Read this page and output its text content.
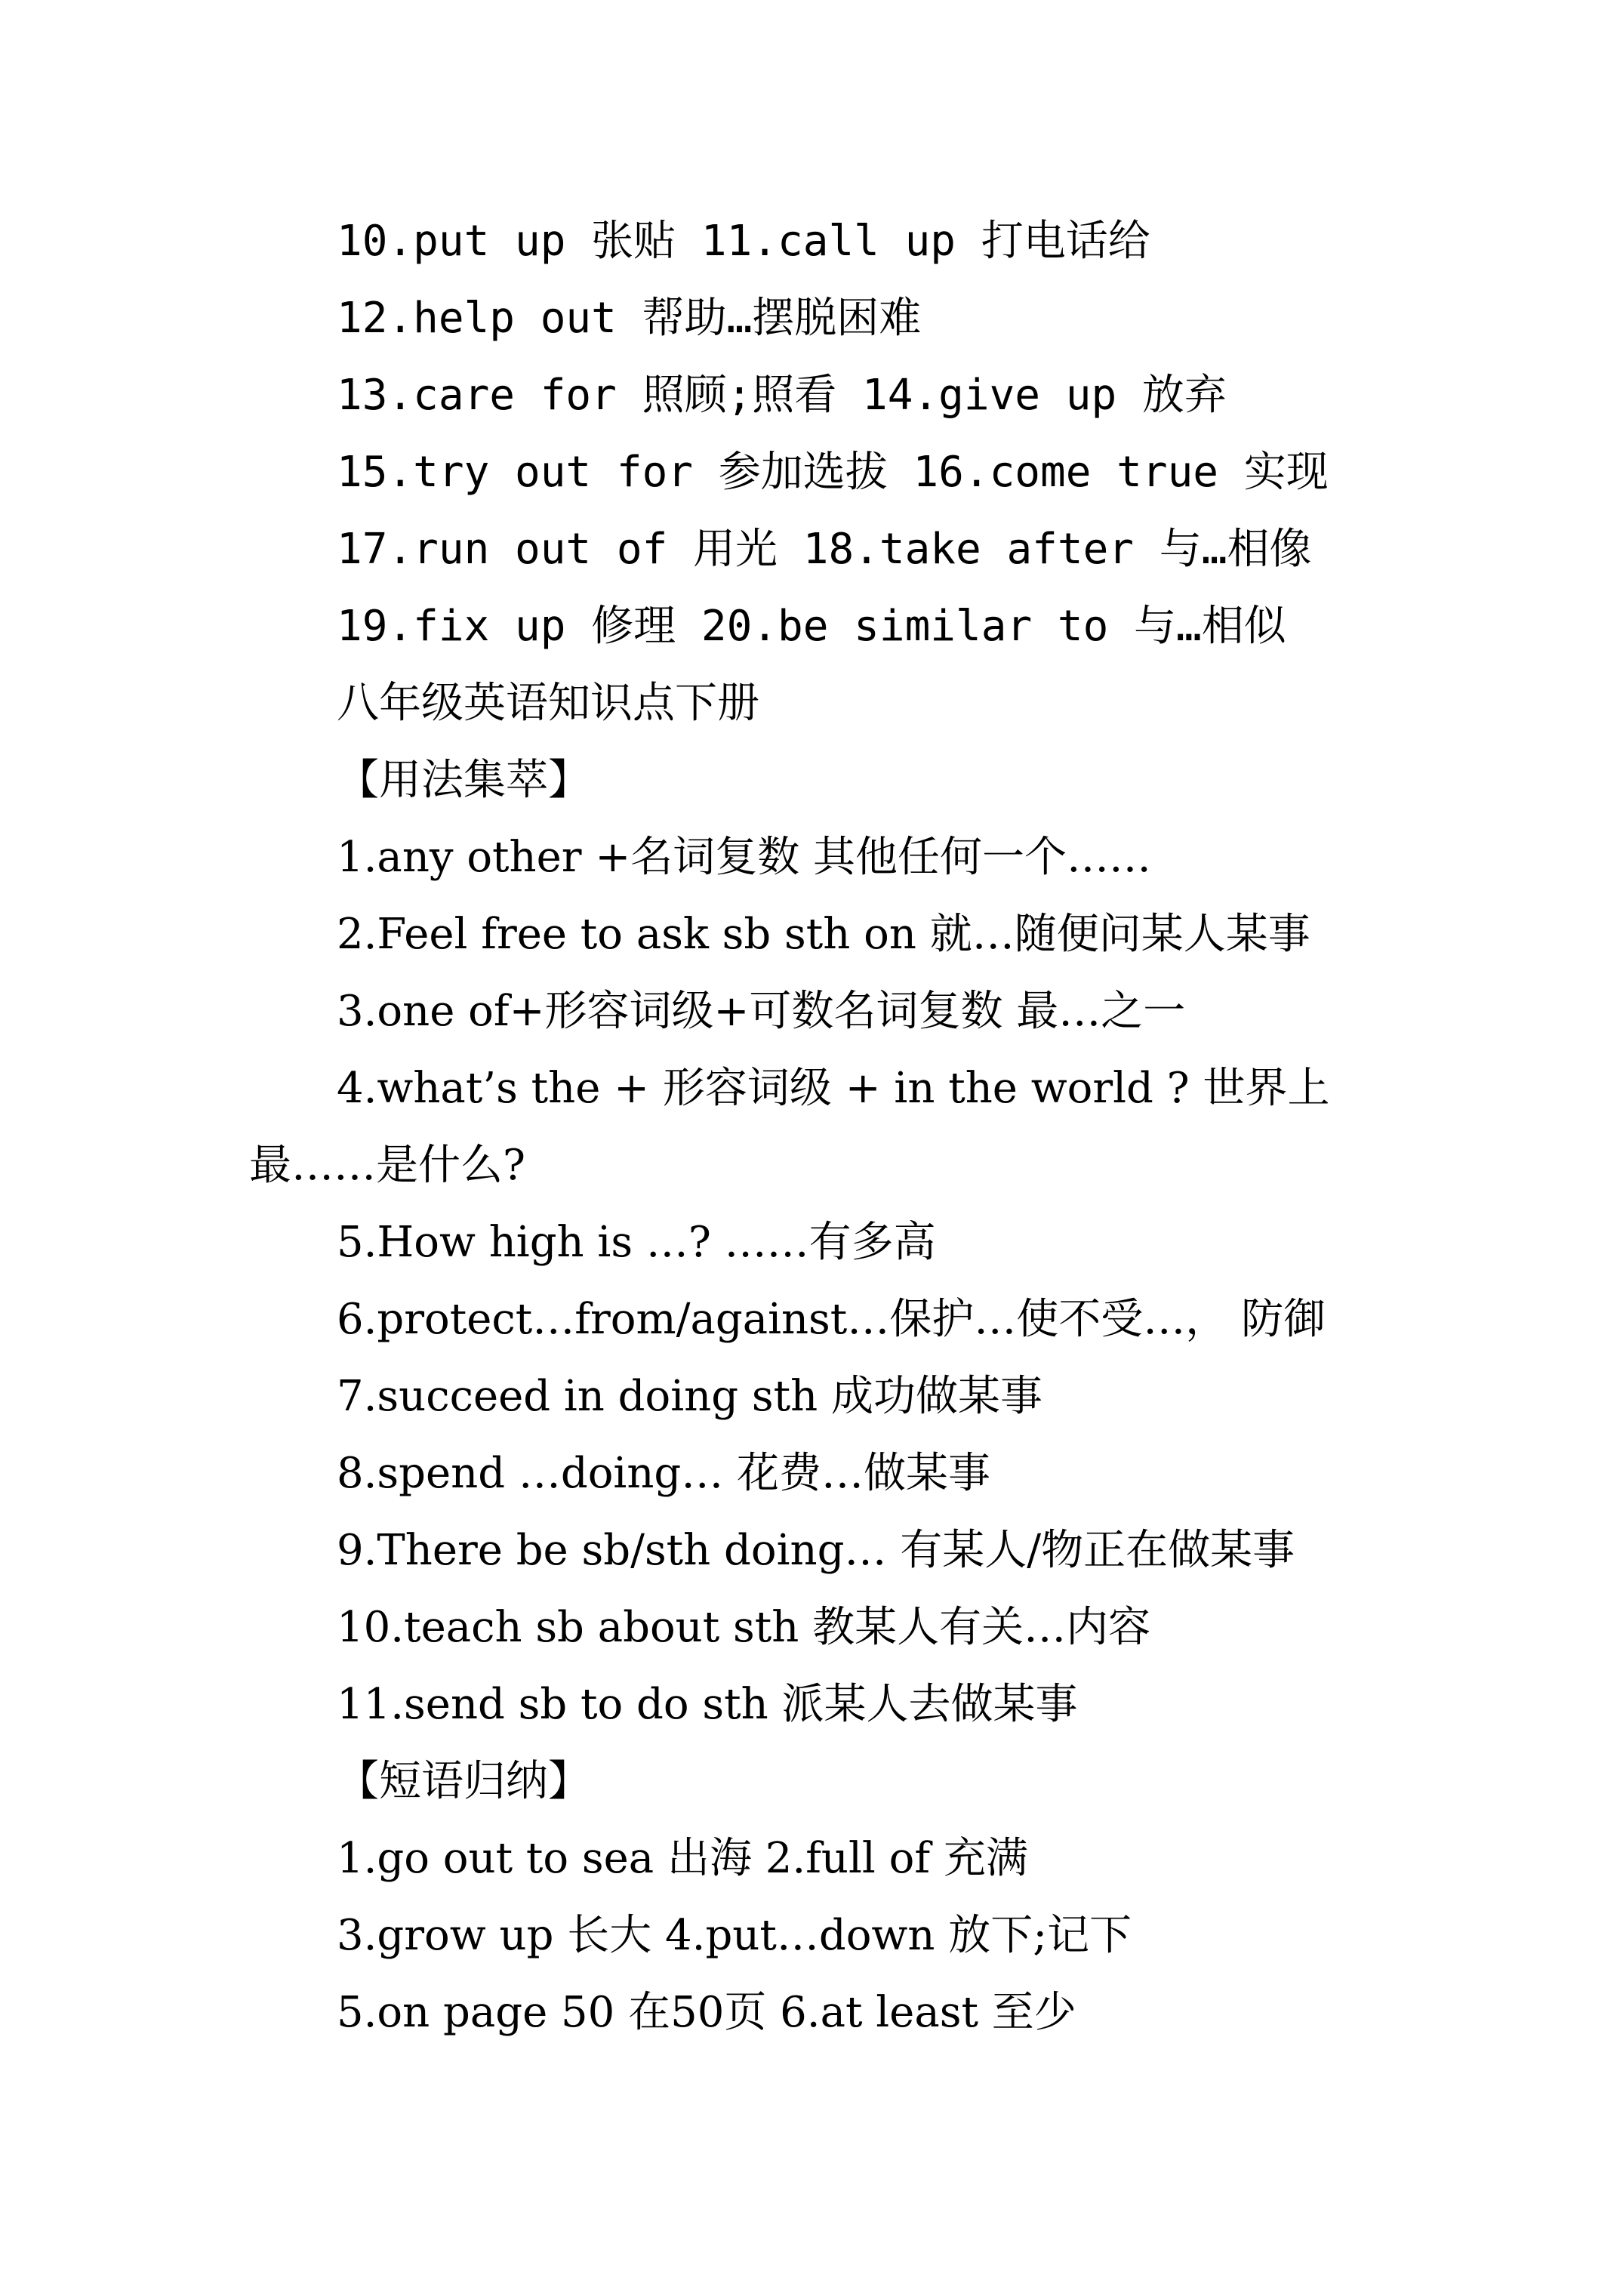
10.put up 张贴 11.call up 打电话给
12.help out 帮助…摆脱困难
13.care for 照顾;照看 14.give up 放弃
15.try out for 参加选拔 16.come true 实现
17.run out of 用光 18.take after 与…相像
19.fix up 修理 20.be similar to 与…相似
八年级英语知识点下册
【用法集萃】
1.any other +名词复数 其他任何一个……
2.Feel free to ask sb sth on 就…随便问某人某事
3.one of+形容词级+可数名词复数 最…之一
4.what’s the + 形容词级 + in the world ? 世界上
最……是什么?
5.How high is …? ……有多高
6.protect…from/against…保护…使不受…， 防御
7.succeed in doing sth 成功做某事
8.spend …doing… 花费…做某事
9.There be sb/sth doing… 有某人/物正在做某事
10.teach sb about sth 教某人有关…内容
11.send sb to do sth 派某人去做某事
【短语归纳】
1.go out to sea 出海 2.full of 充满
3.grow up 长大 4.put…down 放下;记下
5.on page 50 在50页 6.at least 至少
